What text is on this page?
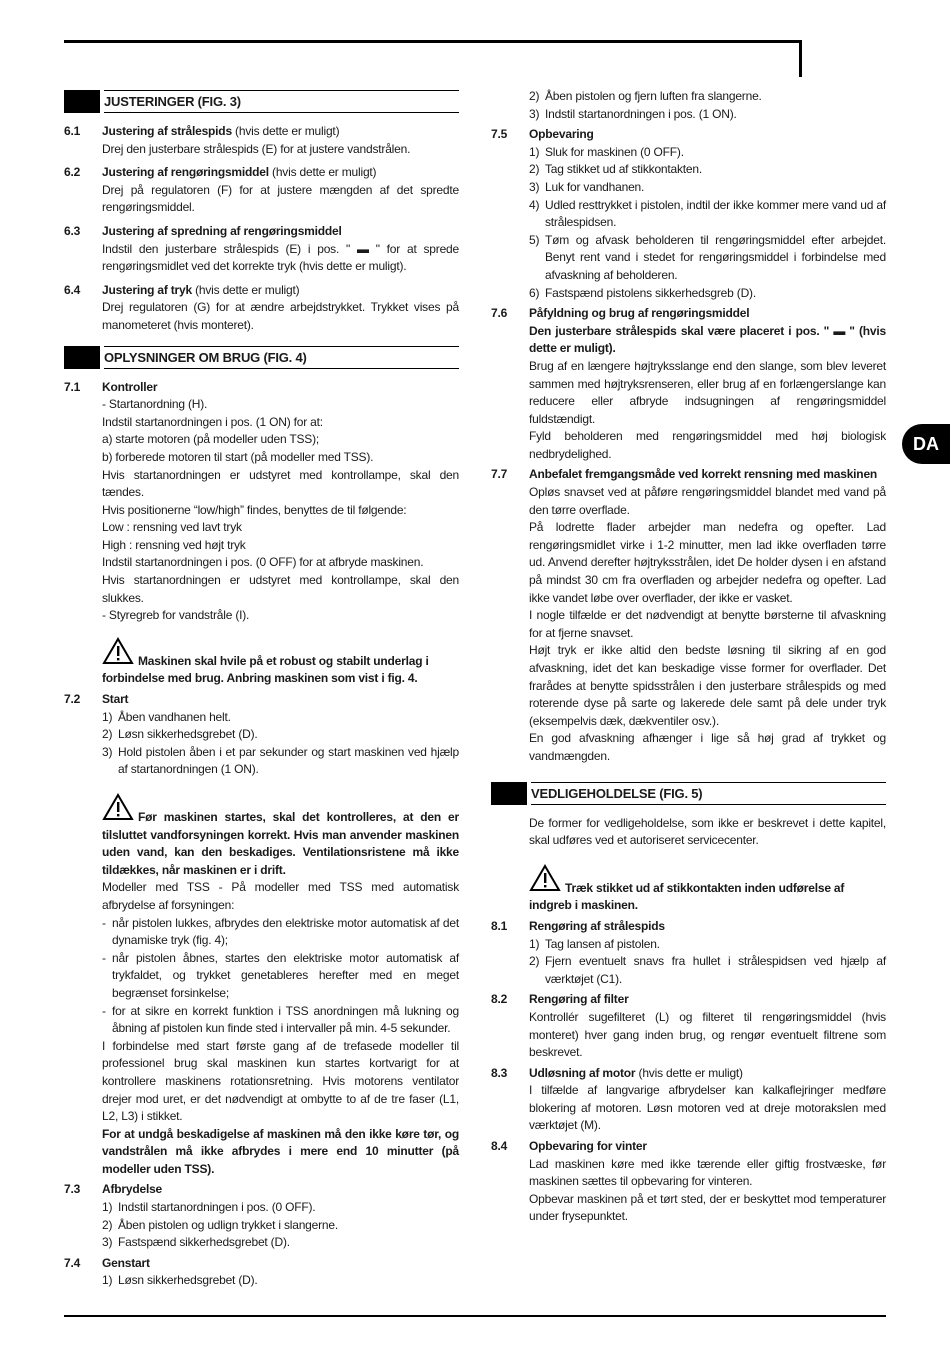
DA
JUSTERINGER (FIG. 3)
6.1	Justering af strålespids (hvis dette er muligt)
Drej den justerbare strålespids (E) for at justere vandstrålen.
6.2	Justering af rengøringsmiddel (hvis dette er muligt)
Drej på regulatoren (F) for at justere mængden af det spredte rengøringsmiddel.
6.3	Justering af spredning af rengøringsmiddel
Indstil den justerbare strålespids (E) i pos. " ▬ " for at sprede rengøringsmidlet ved det korrekte tryk (hvis dette er muligt).
6.4	Justering af tryk (hvis dette er muligt)
Drej regulatoren (G) for at ændre arbejdstrykket. Trykket vises på manometeret (hvis monteret).
OPLYSNINGER OM BRUG (FIG. 4)
7.1	Kontroller

- Startanordning (H).

Indstil startanordningen i pos. (1 ON) for at:

a) starte motoren (på modeller uden TSS);

b) forberede motoren til start (på modeller med TSS).

Hvis startanordningen er udstyret med kontrollampe, skal den tændes.

Hvis positionerne “low/high” findes, benyttes de til følgende:

Low : rensning ved lavt tryk

High : rensning ved højt tryk

Indstil startanordningen i pos. (0 OFF) for at afbryde maskinen.

Hvis startanordningen er udstyret med kontrollampe, skal den slukkes.

- Styregreb for vandstråle (I).

Maskinen skal hvile på et robust og stabilt underlag i forbindelse med brug. Anbring maskinen som vist i fig. 4.
7.2	Start
1) Åben vandhanen helt.
2) Løsn sikkerhedsgrebet (D).
3) Hold pistolen åben i et par sekunder og start maskinen ved hjælp af startanordningen (1 ON).
Før maskinen startes, skal det kontrolleres, at den er tilsluttet vandforsyningen korrekt. Hvis man anvender maskinen uden vand, kan den beskadiges. Ventilationsristene må ikke tildækkes, når maskinen er i drift.
Modeller med TSS - På modeller med TSS med automatisk afbrydelse af forsyningen:
- når pistolen lukkes, afbrydes den elektriske motor automatisk af det dynamiske tryk (fig. 4);
- når pistolen åbnes, startes den elektriske motor automatisk af trykfaldet, og trykket genetableres herefter med en meget begrænset forsinkelse;
- for at sikre en korrekt funktion i TSS anordningen må lukning og åbning af pistolen kun finde sted i intervaller på min. 4-5 sekunder.
I forbindelse med start første gang af de trefasede modeller til professionel brug skal maskinen kun startes kortvarigt for at kontrollere maskinens rotationsretning. Hvis motorens ventilator drejer mod uret, er det nødvendigt at ombytte to af de tre faser (L1, L2, L3) i stikket.
For at undgå beskadigelse af maskinen må den ikke køre tør, og vandstrålen må ikke afbrydes i mere end 10 minutter (på modeller uden TSS).
7.3	Afbrydelse
1) Indstil startanordningen i pos. (0 OFF).
2) Åben pistolen og udlign trykket i slangerne.
3) Fastspænd sikkerhedsgrebet (D).
7.4	Genstart
1) Løsn sikkerhedsgrebet (D).
2) Åben pistolen og fjern luften fra slangerne.
3) Indstil startanordningen i pos. (1 ON).
7.5	Opbevaring
1) Sluk for maskinen (0 OFF).
2) Tag stikket ud af stikkontakten.
3) Luk for vandhanen.
4) Udled resttrykket i pistolen, indtil der ikke kommer mere vand ud af strålespidsen.
5) Tøm og afvask beholderen til rengøringsmiddel efter arbejdet. Benyt rent vand i stedet for rengøringsmiddel i forbindelse med afvaskning af beholderen.
6) Fastspænd pistolens sikkerhedsgreb (D).
7.6	Påfyldning og brug af rengøringsmiddel
Den justerbare strålespids skal være placeret i pos. " ▬ " (hvis dette er muligt).
Brug af en længere højtryksslange end den slange, som blev leveret sammen med højtryksrenseren, eller brug af en forlængerslange kan reducere eller afbryde indsugningen af rengøringsmiddel fuldstændigt.
Fyld beholderen med rengøringsmiddel med høj biologisk nedbrydelighed.
7.7	Anbefalet fremgangsmåde ved korrekt rensning med maskinen

Opløs snavset ved at påføre rengøringsmiddel blandet med vand på den tørre overflade.

På lodrette flader arbejder man nedefra og opefter. Lad rengøringsmidlet virke i 1-2 minutter, men lad ikke overfladen tørre ud. Anvend derefter højtryksstrålen, idet De holder dysen i en afstand på mindst 30 cm fra overfladen og arbejder nedefra og opefter. Lad ikke vandet løbe over overflader, der ikke er vasket.

I nogle tilfælde er det nødvendigt at benytte børsterne til afvaskning for at fjerne snavset.

Højt tryk er ikke altid den bedste løsning til sikring af en god afvaskning, idet det kan beskadige visse former for overflader. Det frarådes at benytte spidsstrålen i den justerbare strålespids og med roterende dyse på sarte og lakerede dele samt på dele under tryk (eksempelvis dæk, dækventiler osv.).

En god afvaskning afhænger i lige så høj grad af trykket og vandmængden.

VEDLIGEHOLDELSE (FIG. 5)
De former for vedligeholdelse, som ikke er beskrevet i dette kapitel, skal udføres ved et autoriseret servicecenter.
Træk stikket ud af stikkontakten inden udførelse af indgreb i maskinen.
8.1	Rengøring af strålespids
1) Tag lansen af pistolen.
2) Fjern eventuelt snavs fra hullet i strålespidsen ved hjælp af værktøjet (C1).
8.2	Rengøring af filter
Kontrollér sugefilteret (L) og filteret til rengøringsmiddel (hvis monteret) hver gang inden brug, og rengør eventuelt filtrene som beskrevet.
8.3	Udløsning af motor (hvis dette er muligt)
I tilfælde af langvarige afbrydelser kan kalkaflejringer medføre blokering af motoren. Løsn motoren ved at dreje motorakslen med værktøjet (M).
8.4	Opbevaring for vinter
Lad maskinen køre med ikke tærende eller giftig frostvæske, før maskinen sættes til opbevaring for vinteren.
Opbevar maskinen på et tørt sted, der er beskyttet mod temperaturer under frysepunktet.
